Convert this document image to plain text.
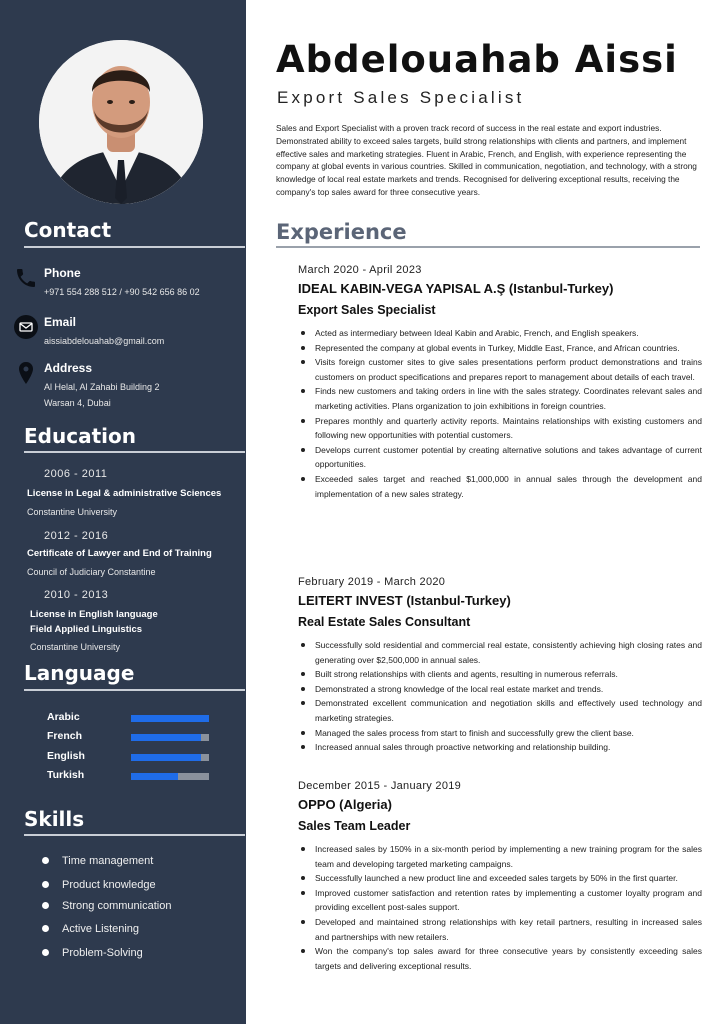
Contact
Phone
+971 554 288 512 / +90 542 656 86 02
Email
aissiabdelouahab@gmail.com
Address
Al Helal, Al Zahabi Building 2
Warsan 4, Dubai
Education
2006 - 2011
License in Legal & administrative Sciences
Constantine University
2012 - 2016
Certificate of Lawyer and End of Training
Council of Judiciary Constantine
2010 - 2013
License in English language
Field Applied Linguistics
Constantine University
Language
Arabic
French
English
Turkish
Skills
Time management
Product knowledge
Strong communication
Active Listening
Problem-Solving
Abdelouahab Aissi
Export Sales Specialist
Sales and Export Specialist with a proven track record of success in the real estate and export industries. Demonstrated ability to exceed sales targets, build strong relationships with clients and partners, and implement effective sales and marketing strategies. Fluent in Arabic, French, and English, with experience representing the company at global events in various countries. Skilled in communication, negotiation, and technology, with a strong knowledge of local real estate markets and trends. Recognised for delivering exceptional results, receiving the company's top sales award for three consecutive years.
Experience
March 2020 - April 2023
IDEAL KABIN-VEGA YAPISAL A.Ş (Istanbul-Turkey)
Export Sales Specialist
Acted as intermediary between Ideal Kabin and Arabic, French, and English speakers.
Represented the company at global events in Turkey, Middle East, France, and African countries.
Visits foreign customer sites to give sales presentations perform product demonstrations and trains customers on product specifications and prepares report to management about details of each travel.
Finds new customers and taking orders in line with the sales strategy. Coordinates relevant sales and marketing activities. Plans organization to join exhibitions in foreign countries.
Prepares monthly and quarterly activity reports. Maintains relationships with existing customers and following new opportunities with potential customers.
Develops current customer potential by creating alternative solutions and takes advantage of current opportunities.
Exceeded sales target and reached $1,000,000 in annual sales through the development and implementation of a new sales strategy.
February 2019 - March 2020
LEITERT INVEST (Istanbul-Turkey)
Real Estate Sales Consultant
Successfully sold residential and commercial real estate, consistently achieving high closing rates and generating over $2,500,000 in annual sales.
Built strong relationships with clients and agents, resulting in numerous referrals.
Demonstrated a strong knowledge of the local real estate market and trends.
Demonstrated excellent communication and negotiation skills and effectively used technology and marketing strategies.
Managed the sales process from start to finish and successfully grew the client base.
Increased annual sales through proactive networking and relationship building.
December 2015 - January 2019
OPPO (Algeria)
Sales Team Leader
Increased sales by 150% in a six-month period by implementing a new training program for the sales team and developing targeted marketing campaigns.
Successfully launched a new product line and exceeded sales targets by 50% in the first quarter.
Improved customer satisfaction and retention rates by implementing a customer loyalty program and providing excellent post-sales support.
Developed and maintained strong relationships with key retail partners, resulting in increased sales and partnerships with new retailers.
Won the company's top sales award for three consecutive years by consistently exceeding sales targets and delivering exceptional results.
